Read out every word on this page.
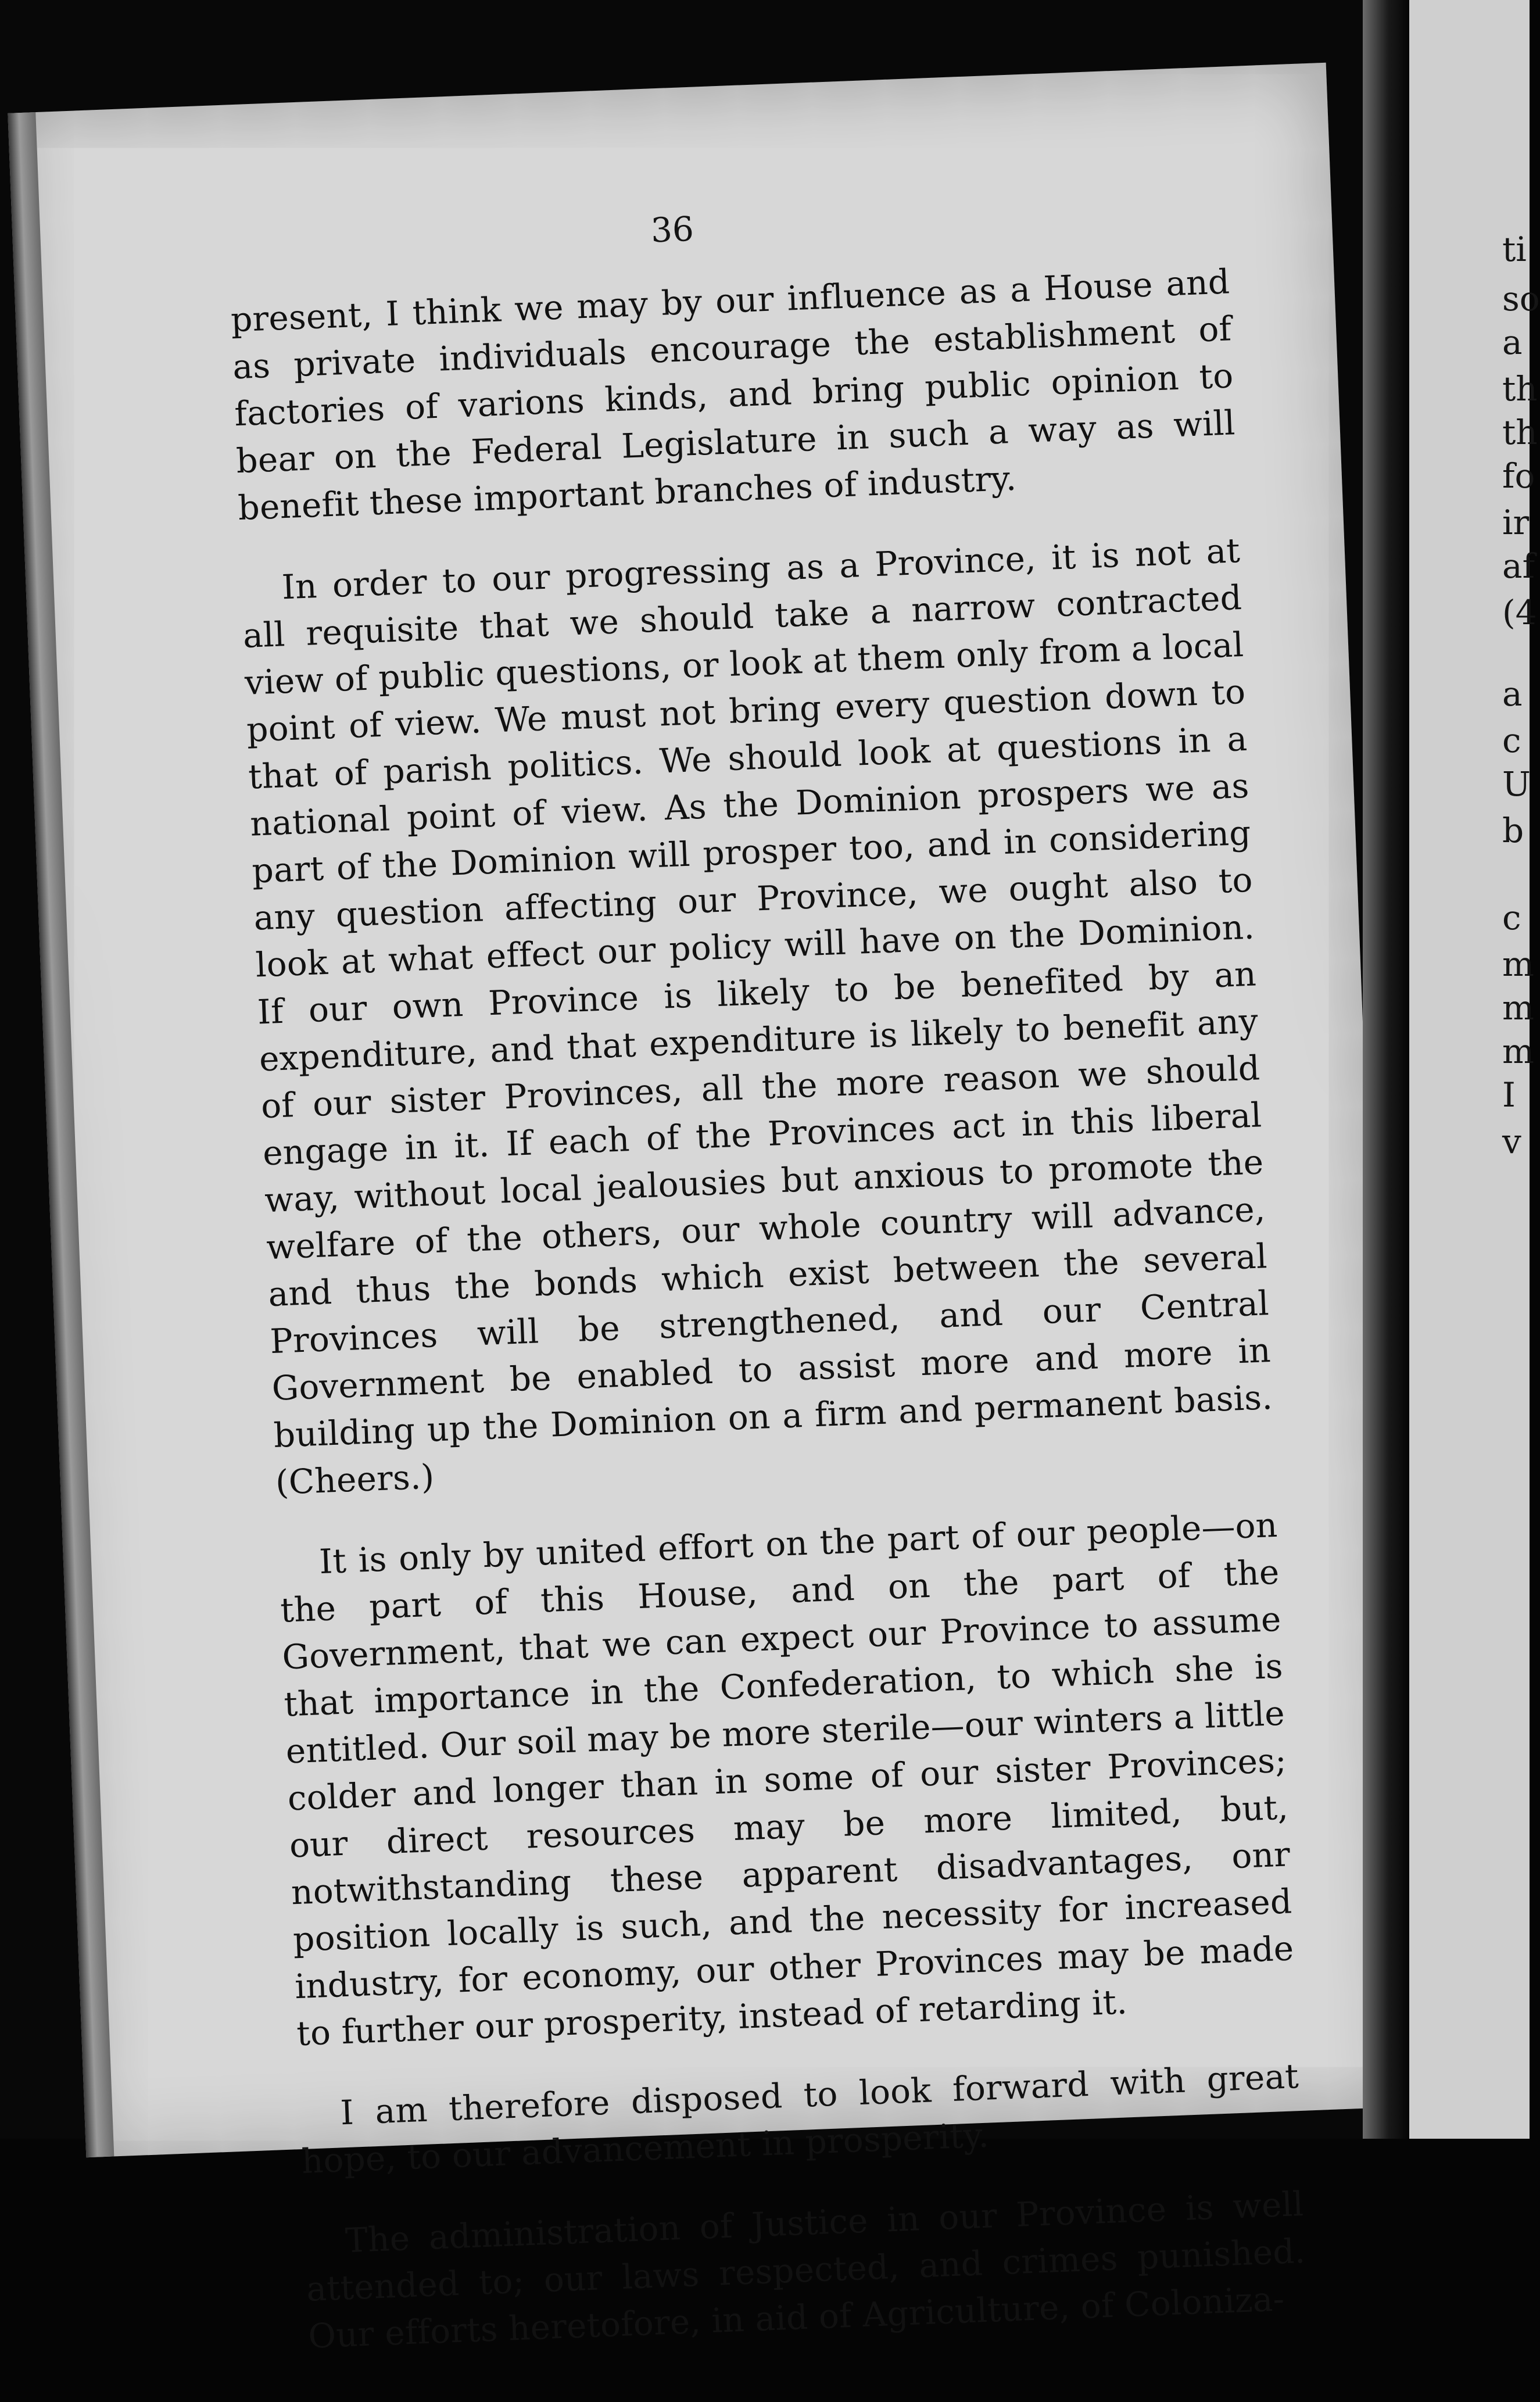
36

present, I think we may by our influence as a House and as private individuals encourage the establishment of factories of varions kinds, and bring public opinion to bear on the Federal Legislature in such a way as will benefit these important branches of industry.

In order to our progressing as a Province, it is not at all requisite that we should take a narrow contracted view of public questions, or look at them only from a local point of view. We must not bring every question down to that of parish politics. We should look at questions in a national point of view. As the Dominion prospers we as part of the Dominion will prosper too, and in considering any question affecting our Province, we ought also to look at what effect our policy will have on the Dominion. If our own Province is likely to be benefited by an expenditure, and that expenditure is likely to benefit any of our sister Provinces, all the more reason we should engage in it. If each of the Provinces act in this liberal way, without local jealousies but anxious to promote the welfare of the others, our whole country will advance, and thus the bonds which exist between the several Provinces will be strengthened, and our Central Government be enabled to assist more and more in building up the Dominion on a firm and permanent basis. (Cheers.)

It is only by united effort on the part of our people—on the part of this House, and on the part of the Government, that we can expect our Province to assume that importance in the Confederation, to which she is entitled. Our soil may be more sterile—our winters a little colder and longer than in some of our sister Provinces; our direct resources may be more limited, but, notwithstanding these apparent disadvantages, onr position locally is such, and the necessity for increased industry, for economy, our other Provinces may be made to further our prosperity, instead of retarding it.

I am therefore disposed to look forward with great hope, to our advancement in prosperity.

The administration of Justice in our Province is well attended to; our laws respected, and crimes punished. Our efforts heretofore, in aid of Agriculture, of Coloniza-

ti
so
a
th
th
fo
ir
af
(4
a
c
U
b
c
m
m
m
I
v
